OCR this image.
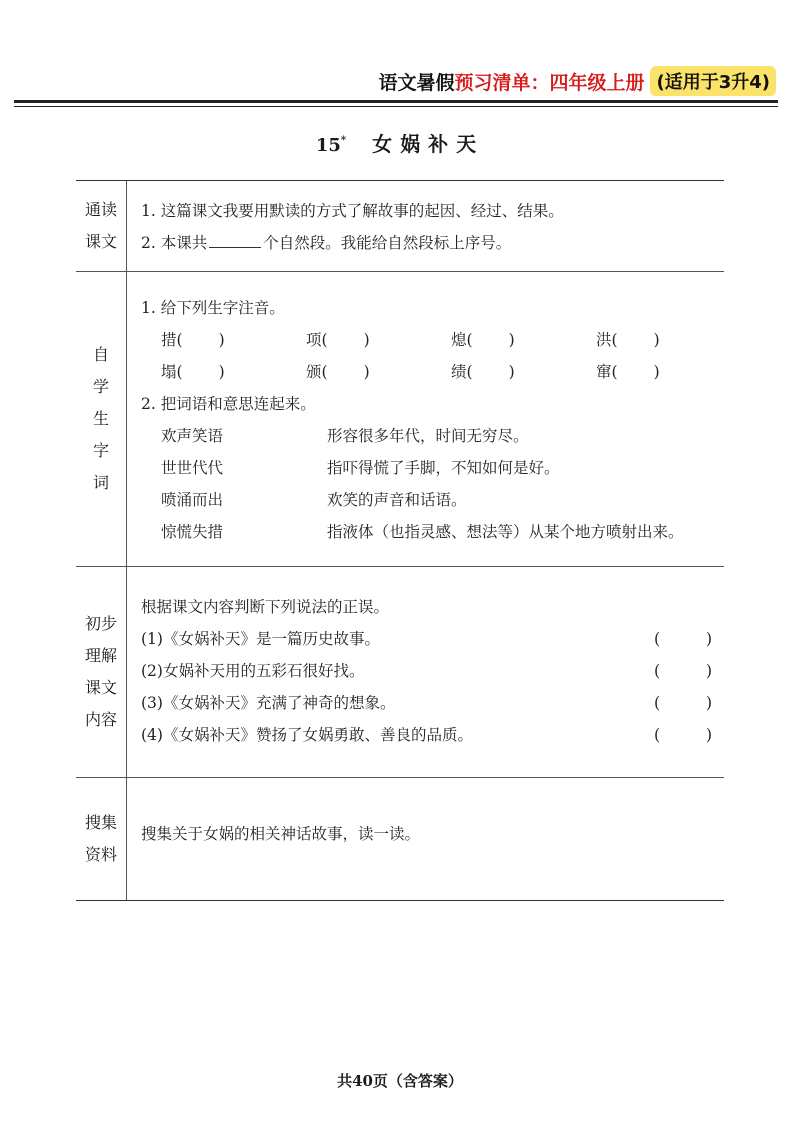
语文暑假 预习清单：四年级上册 (适用于3升4)
15* 女娲补天
通读
课文
1. 这篇课文我要用默读的方式了解故事的起因、经过、结果。
2. 本课共	个自然段。我能给自然段标上序号。
自
学
生
字
词
1. 给下列生字注音。
措( )	项( )	熄( )	洪( )
塌( )	颁( )	绩( )	窜( )
2. 把词语和意思连起来。
欢声笑语	形容很多年代，时间无穷尽。
世世代代	指吓得慌了手脚，不知如何是好。
喷涌而出	欢笑的声音和话语。
惊慌失措	指液体（也指灵感、想法等）从某个地方喷射出来。
初步
理解
课文
内容
根据课文内容判断下列说法的正误。
(1)《女娲补天》是一篇历史故事。	(	)
(2)女娲补天用的五彩石很好找。	(	)
(3)《女娲补天》充满了神奇的想象。	(	)
(4)《女娲补天》赞扬了女娲勇敢、善良的品质。	(	)
搜集
资料
搜集关于女娲的相关神话故事，读一读。
共40页（含答案）
